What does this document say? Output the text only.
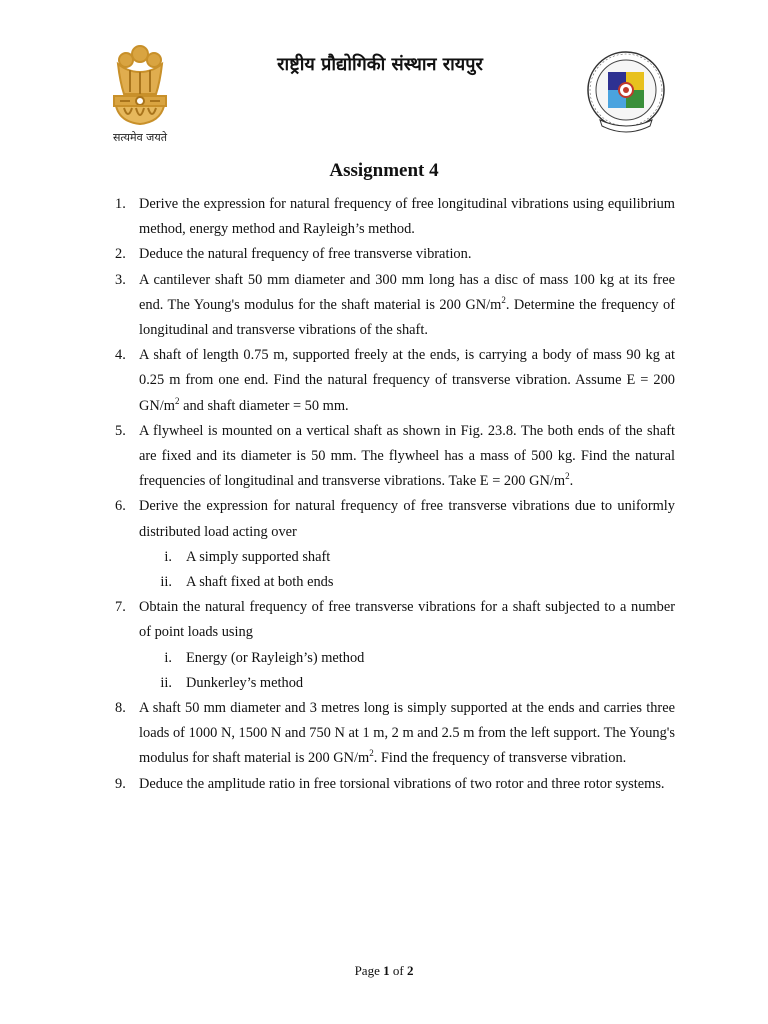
सत्यमेव जयते
राष्ट्रीय प्रौद्योगिकी संस्थान रायपुर
Assignment 4
1. Derive the expression for natural frequency of free longitudinal vibrations using equilibrium method, energy method and Rayleigh’s method.
2. Deduce the natural frequency of free transverse vibration.
3. A cantilever shaft 50 mm diameter and 300 mm long has a disc of mass 100 kg at its free end. The Young's modulus for the shaft material is 200 $GN/m^2$. Determine the frequency of longitudinal and transverse vibrations of the shaft.
4. A shaft of length 0.75 m, supported freely at the ends, is carrying a body of mass 90 kg at 0.25 m from one end. Find the natural frequency of transverse vibration. Assume E = 200 $GN/m^2$ and shaft diameter = 50 mm.
5. A flywheel is mounted on a vertical shaft as shown in Fig. 23.8. The both ends of the shaft are fixed and its diameter is 50 mm. The flywheel has a mass of 500 kg. Find the natural frequencies of longitudinal and transverse vibrations. Take E = 200 $GN/m^2$.
6. Derive the expression for natural frequency of free transverse vibrations due to uniformly distributed load acting over
i. A simply supported shaft
ii. A shaft fixed at both ends
7. Obtain the natural frequency of free transverse vibrations for a shaft subjected to a number of point loads using
i. Energy (or Rayleigh’s) method
ii. Dunkerley’s method
8. A shaft 50 mm diameter and 3 metres long is simply supported at the ends and carries three loads of 1000 N, 1500 N and 750 N at 1 m, 2 m and 2.5 m from the left support. The Young's modulus for shaft material is 200 $GN/m^2$. Find the frequency of transverse vibration.
9. Deduce the amplitude ratio in free torsional vibrations of two rotor and three rotor systems.
Page 1 of 2
